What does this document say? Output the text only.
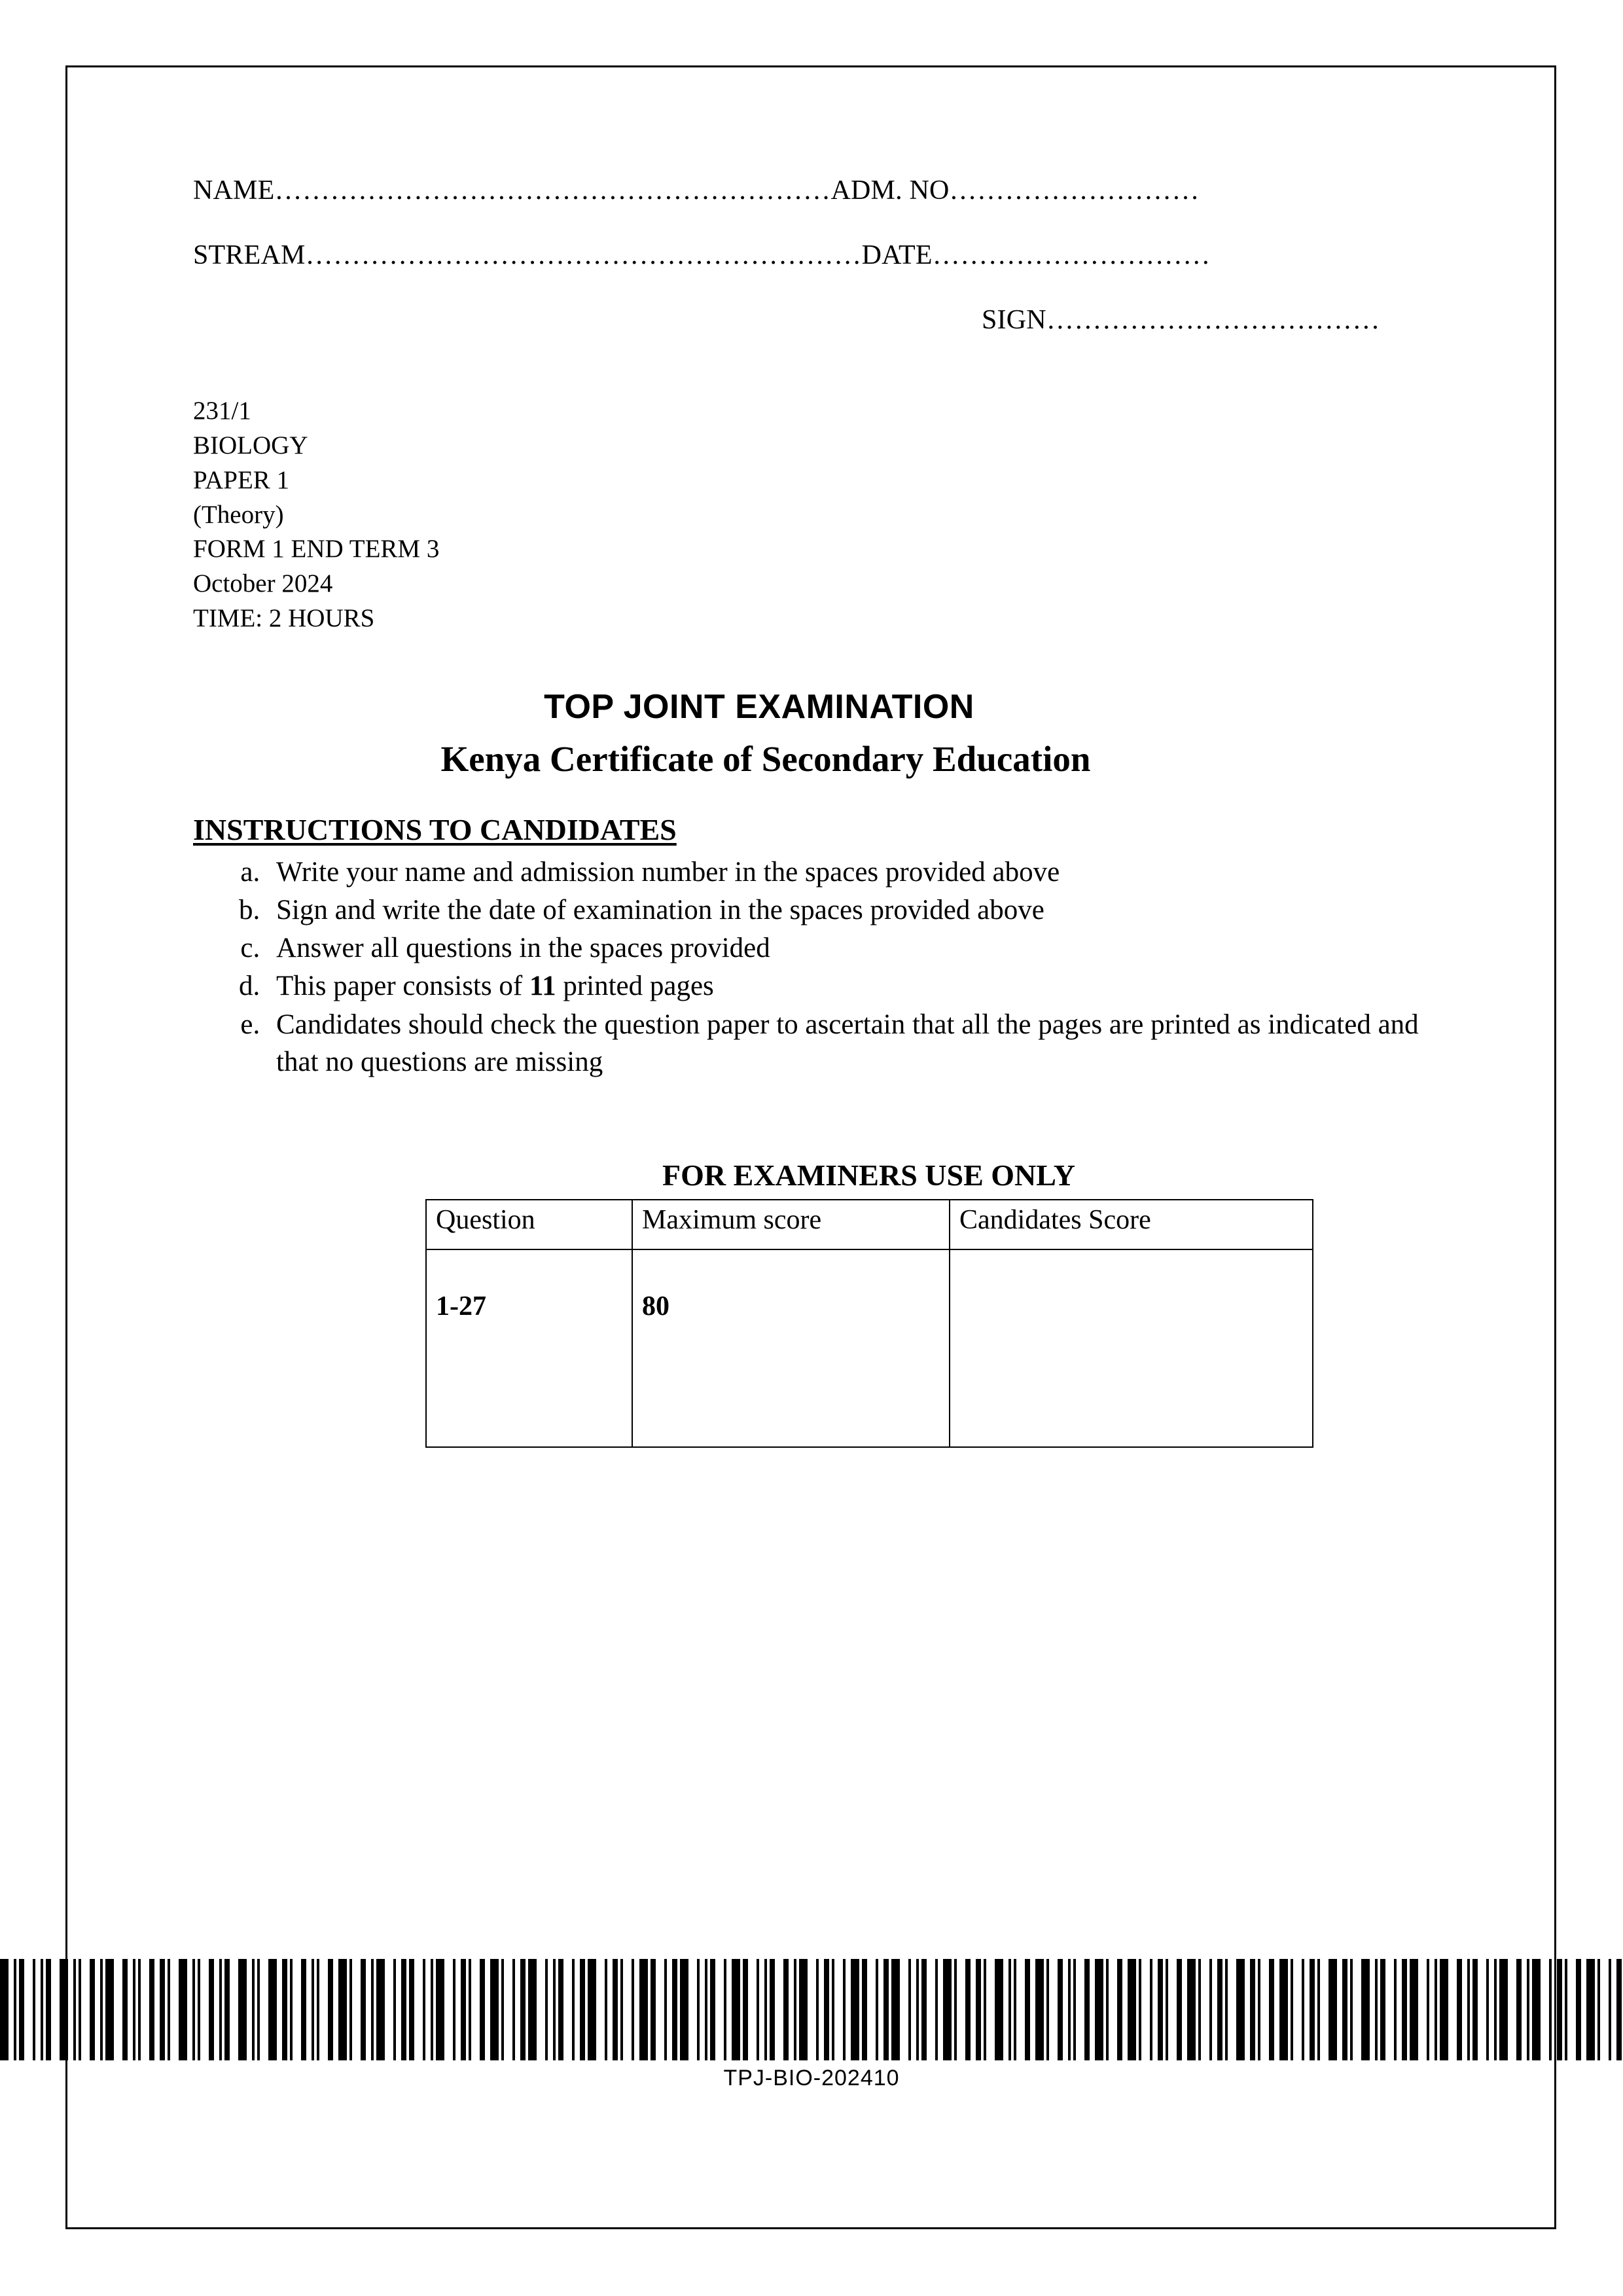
NAME……………………………………………………ADM. NO………………………
STREAM……………………………………………………DATE…………………………
SIGN………………………………
231/1
BIOLOGY
PAPER 1
(Theory)
FORM 1 END TERM 3
October 2024
TIME: 2 HOURS
TOP JOINT EXAMINATION
Kenya Certificate of Secondary Education
INSTRUCTIONS TO CANDIDATES
a. Write your name and admission number in the spaces provided above
b. Sign and write the date of examination in the spaces provided above
c. Answer all questions in the spaces provided
d. This paper consists of 11 printed pages
e. Candidates should check the question paper to ascertain that all the pages are printed as indicated and that no questions are missing
FOR EXAMINERS USE ONLY
Question	Maximum score	Candidates Score
1-27	80	
TPJ-BIO-202410
